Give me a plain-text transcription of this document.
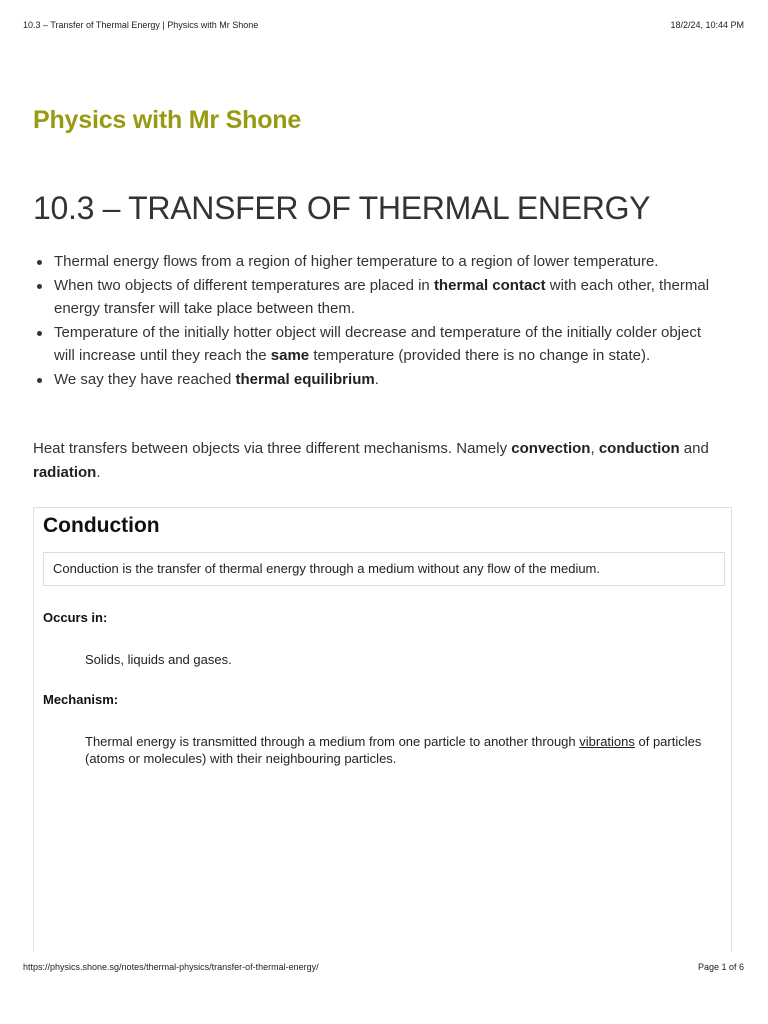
10.3 – Transfer of Thermal Energy | Physics with Mr Shone	18/2/24, 10:44 PM
Physics with Mr Shone
10.3 – TRANSFER OF THERMAL ENERGY
Thermal energy flows from a region of higher temperature to a region of lower temperature.
When two objects of different temperatures are placed in thermal contact with each other, thermal energy transfer will take place between them.
Temperature of the initially hotter object will decrease and temperature of the initially colder object will increase until they reach the same temperature (provided there is no change in state).
We say they have reached thermal equilibrium.

Heat transfers between objects via three different mechanisms. Namely convection, conduction and radiation.

Conduction
Conduction is the transfer of thermal energy through a medium without any flow of the medium.

Occurs in:

Solids, liquids and gases.

Mechanism:

Thermal energy is transmitted through a medium from one particle to another through vibrations of particles (atoms or molecules) with their neighbouring particles.

https://physics.shone.sg/notes/thermal-physics/transfer-of-thermal-energy/	Page 1 of 6
